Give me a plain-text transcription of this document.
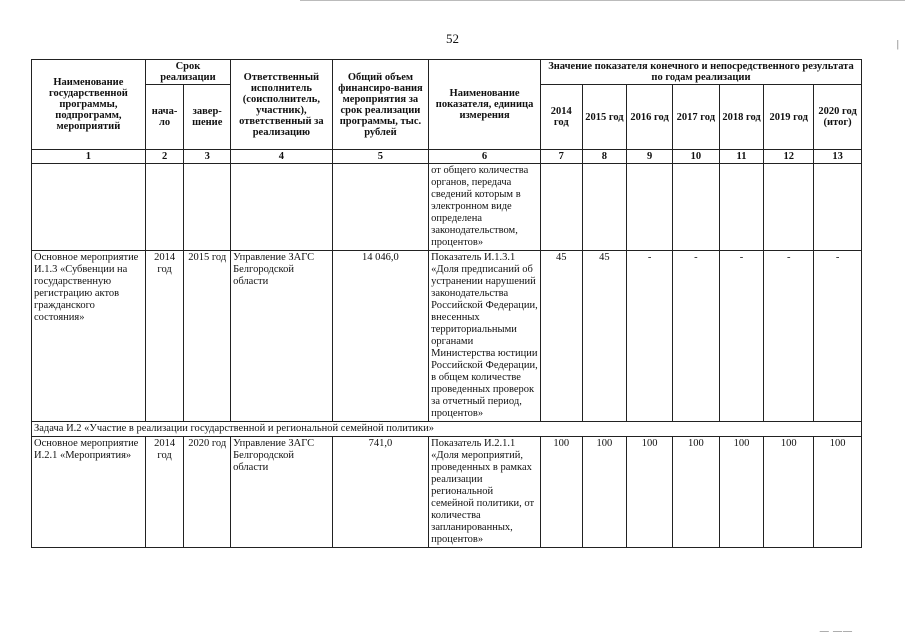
52	|
Наименование государственной программы, подпрограмм, мероприятий	Срок реализации		Ответственный исполнитель (соисполнитель, участник), ответственный за реализацию	Общий объем финансиро-вания мероприятия за срок реализации программы, тыс. рублей	Наименование показателя, единица измерения	Значение показателя конечного и непосредственного результата по годам реализации						
	нача-ло	завер-шение				2014 год	2015 год	2016 год	2017 год	2018 год	2019 год	2020 год (итог)
1	2	3	4	5	6	7	8	9	10	11	12	13
					от общего количества органов, передача сведений которым в электронном виде определена законодательством, процентов»							
Основное мероприятие И.1.3 «Субвенции на государственную регистрацию актов гражданского состояния»	2014 год	2015 год	Управление ЗАГС Белгородской области	14 046,0	Показатель И.1.3.1 «Доля предписаний об устранении нарушений законодательства Российской Федерации, внесенных территориальными органами Министерства юстиции Российской Федерации, в общем количестве проведенных проверок за отчетный период, процентов»	45	45	-	-	-	-	-
Задача И.2 «Участие в реализации государственной и региональной семейной политики»												
Основное мероприятие И.2.1 «Мероприятия»	2014 год	2020 год	Управление ЗАГС Белгородской области	741,0	Показатель И.2.1.1 «Доля мероприятий, проведенных в рамках реализации региональной семейной политики, от количества запланированных, процентов»	100	100	100	100	100	100	100
— ——
